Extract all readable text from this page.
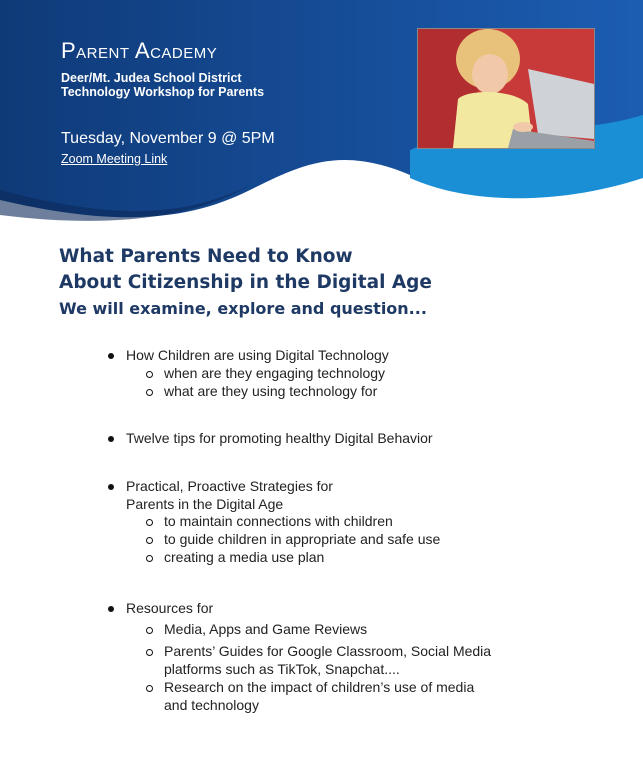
Parent Academy
Deer/Mt. Judea School District
Technology Workshop for Parents
Tuesday, November 9 @ 5PM
Zoom Meeting Link
What Parents Need to Know
About Citizenship in the Digital Age
We will examine, explore and question...
How Children are using Digital Technology
when are they engaging technology
what are they using technology for
Twelve tips for promoting healthy Digital Behavior
Practical, Proactive Strategies for
Parents in the Digital Age
to maintain connections with children
to guide children in appropriate and safe use
creating a media use plan
Resources for
Media, Apps and Game Reviews
Parents’ Guides for Google Classroom, Social Media
platforms such as TikTok, Snapchat....
Research on the impact of children’s use of media
and technology
